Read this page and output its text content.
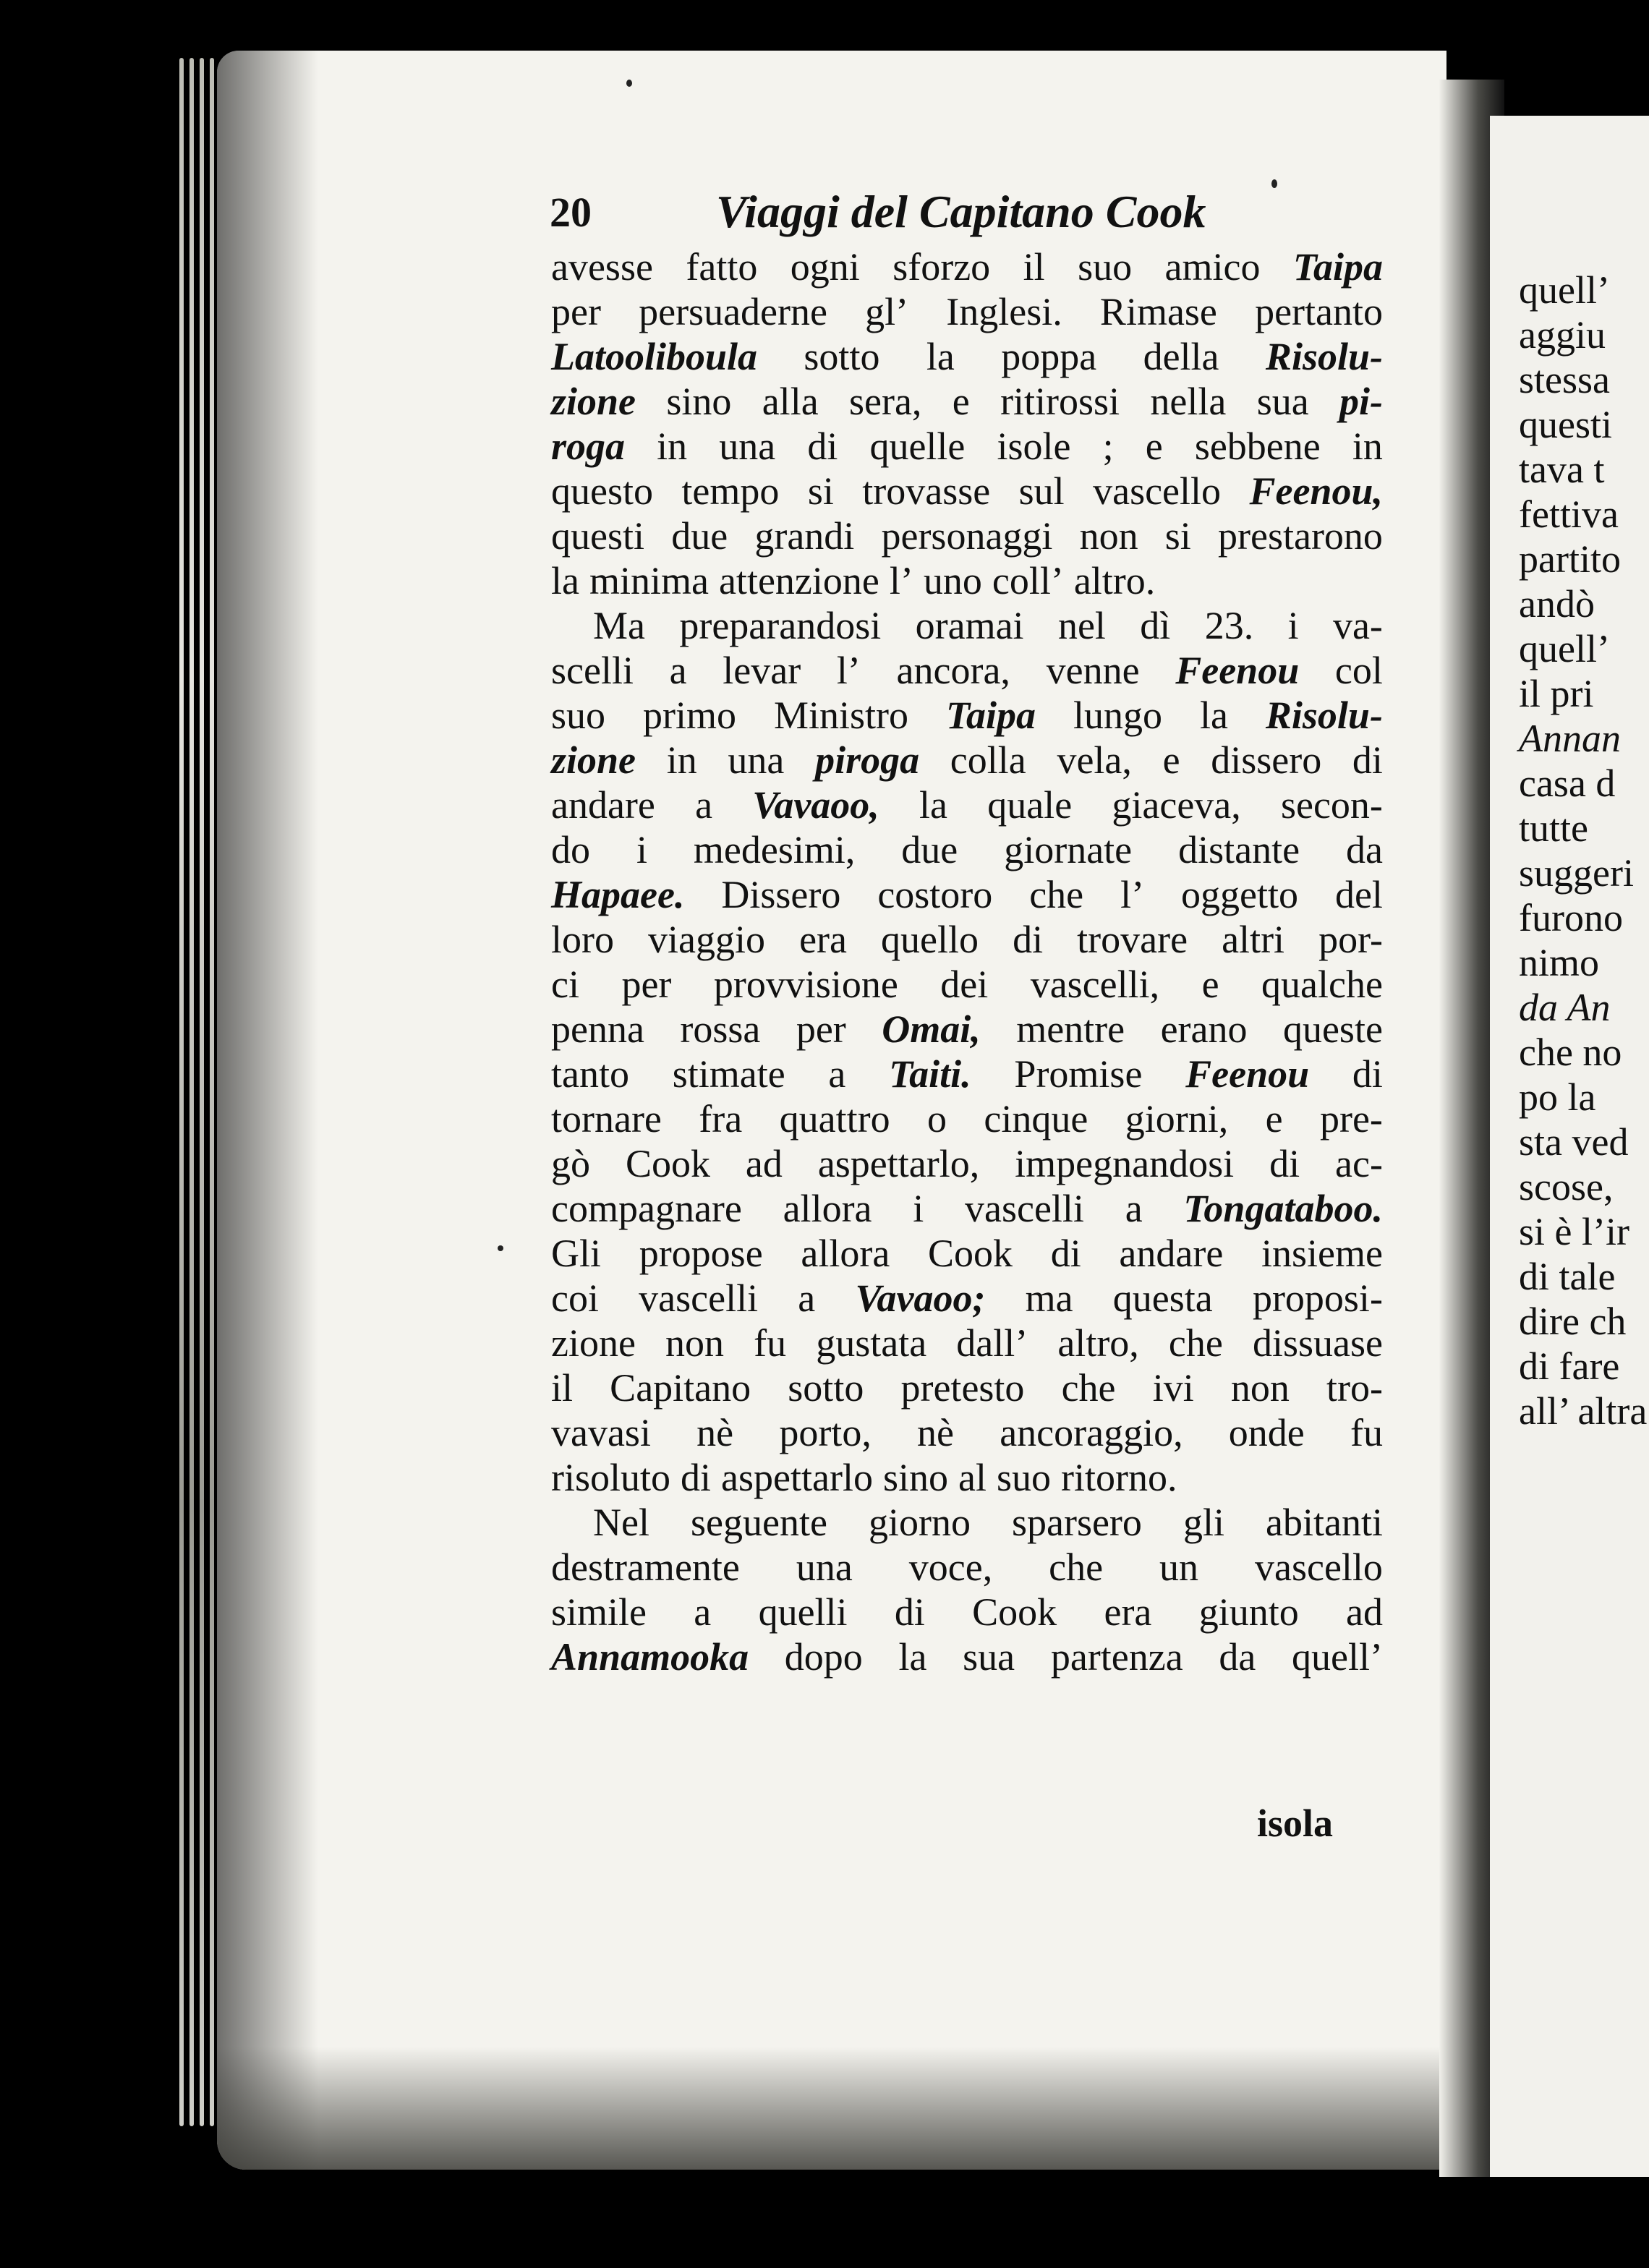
20	Viaggi del Capitano Cook
avesse fatto ogni sforzo il suo amico Taipa
per persuaderne gl’ Inglesi. Rimase pertanto
Latooliboula sotto la poppa della Risolu-
zione sino alla sera, e ritirossi nella sua pi-
roga in una di quelle isole ; e sebbene in
questo tempo si trovasse sul vascello Feenou,
questi due grandi personaggi non si prestarono
la minima attenzione l’ uno coll’ altro.
Ma preparandosi oramai nel dì 23. i va-
scelli a levar l’ ancora, venne Feenou col
suo primo Ministro Taipa lungo la Risolu-
zione in una piroga colla vela, e dissero di
andare a Vavaoo, la quale giaceva, secon-
do i medesimi, due giornate distante da
Hapaee. Dissero costoro che l’ oggetto del
loro viaggio era quello di trovare altri por-
ci per provvisione dei vascelli, e qualche
penna rossa per Omai, mentre erano queste
tanto stimate a Taiti. Promise Feenou di
tornare fra quattro o cinque giorni, e pre-
gò Cook ad aspettarlo, impegnandosi di ac-
compagnare allora i vascelli a Tongataboo.
Gli propose allora Cook di andare insieme
coi vascelli a Vavaoo; ma questa proposi-
zione non fu gustata dall’ altro, che dissuase
il Capitano sotto pretesto che ivi non tro-
vavasi nè porto, nè ancoraggio, onde fu
risoluto di aspettarlo sino al suo ritorno.
Nel seguente giorno sparsero gli abitanti
destramente una voce, che un vascello
simile a quelli di Cook era giunto ad
Annamooka dopo la sua partenza da quell’
isola
quell’
aggiu
stessa
questi
tava t
fettiva
partito
andò
quell’
il pri
Annan
casa d
tutte
suggeri
furono
nimo
da An
che no
po la
sta ved
scose,
si è l’ir
di tale
dire ch
di fare
all’ altra
